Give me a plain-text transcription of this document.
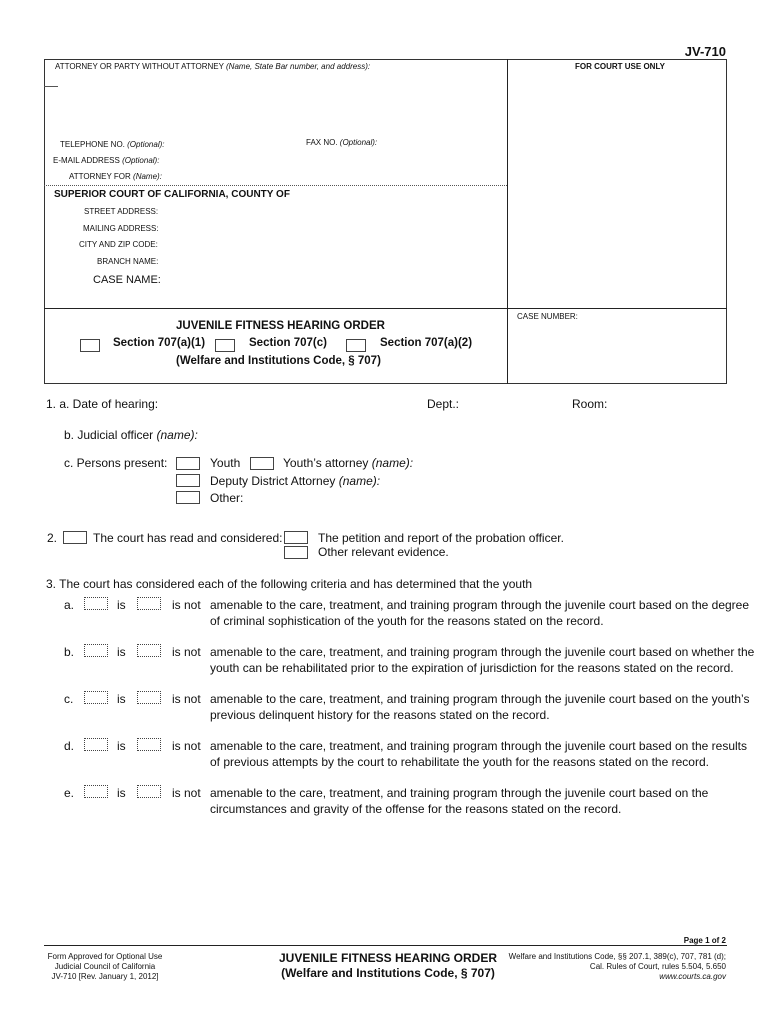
JV-710
ATTORNEY OR PARTY WITHOUT ATTORNEY (Name, State Bar number, and address):	FOR COURT USE ONLY
TELEPHONE NO. (Optional):	FAX NO. (Optional):
E-MAIL ADDRESS (Optional):
ATTORNEY FOR (Name):
SUPERIOR COURT OF CALIFORNIA, COUNTY OF
STREET ADDRESS:
MAILING ADDRESS:
CITY AND ZIP CODE:
BRANCH NAME:
CASE NAME:
CASE NUMBER:
JUVENILE FITNESS HEARING ORDER
Section 707(a)(1)	Section 707(c)	Section 707(a)(2)
(Welfare and Institutions Code, § 707)
1. a. Date of hearing:	Dept.:	Room:
b. Judicial officer (name):
c. Persons present:	Youth	Youth’s attorney (name):
Deputy District Attorney (name):
Other:
2.	The court has read and considered:	The petition and report of the probation officer.
Other relevant evidence.
3. The court has considered each of the following criteria and has determined that the youth
a.	is	is not amenable to the care, treatment, and training program through the juvenile court based on the degree
of criminal sophistication of the youth for the reasons stated on the record.
b.	is	is not amenable to the care, treatment, and training program through the juvenile court based on whether the
youth can be rehabilitated prior to the expiration of jurisdiction for the reasons stated on the record.
c.	is	is not amenable to the care, treatment, and training program through the juvenile court based on the youth’s
previous delinquent history for the reasons stated on the record.
d.	is	is not amenable to the care, treatment, and training program through the juvenile court based on the results
of previous attempts by the court to rehabilitate the youth for the reasons stated on the record.
e.	is	is not amenable to the care, treatment, and training program through the juvenile court based on the
circumstances and gravity of the offense for the reasons stated on the record.
Page 1 of 2
Form Approved for Optional Use
Judicial Council of California
JV-710 [Rev. January 1, 2012]
JUVENILE FITNESS HEARING ORDER
(Welfare and Institutions Code, § 707)
Welfare and Institutions Code, §§ 207.1, 389(c), 707, 781 (d);
Cal. Rules of Court, rules 5.504, 5.650
www.courts.ca.gov
